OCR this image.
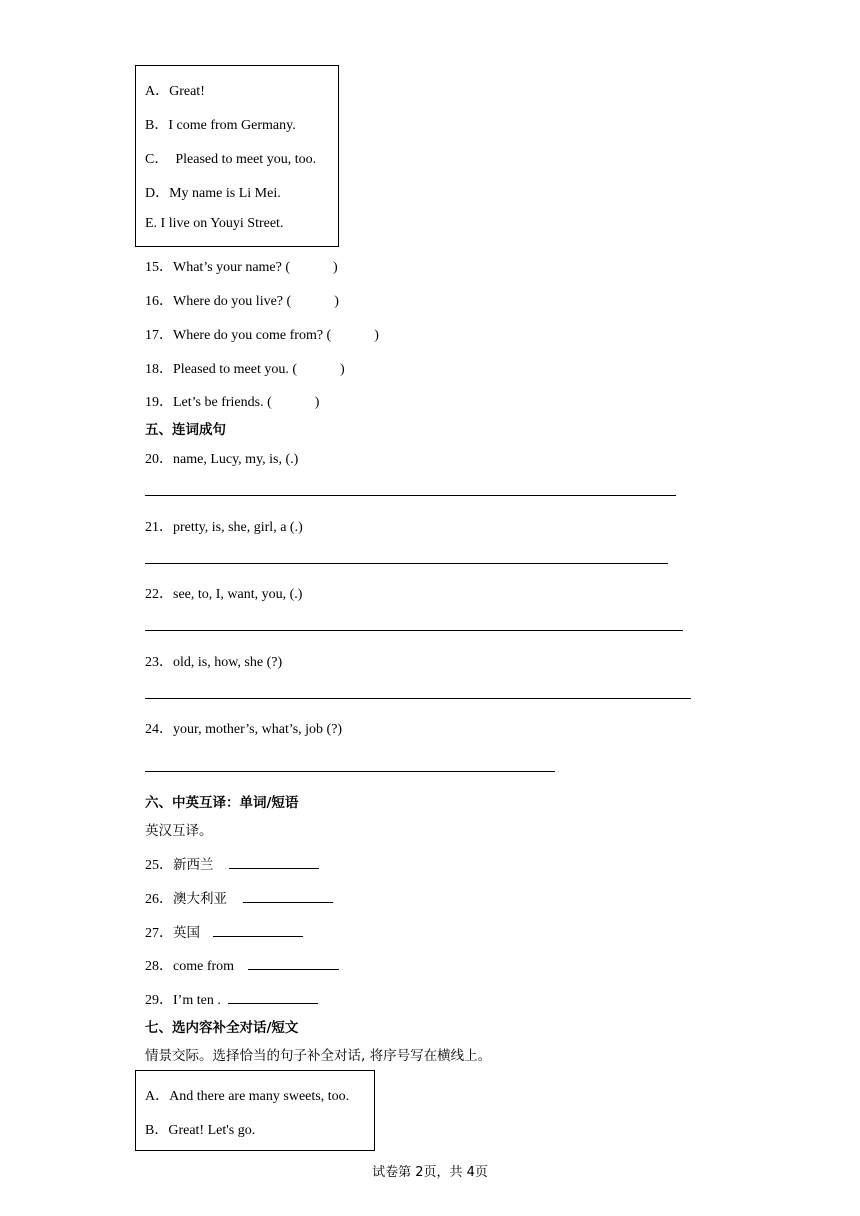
A．Great!
B．I come from Germany.
C．  Pleased to meet you, too.
D．My name is Li Mei.
E. I live on Youyi Street.
15．What’s your name? (	)
16．Where do you live? (	)
17．Where do you come from? (	)
18．Pleased to meet you. (	)
19．Let’s be friends. (	)
五、连词成句
20．name, Lucy, my, is, (.)
21．pretty, is, she, girl, a (.)
22．see, to, I, want, you, (.)
23．old, is, how, she (?)
24．your, mother’s, what’s, job (?)
六、中英互译：单词/短语
英汉互译。
25．新西兰
26．澳大利亚
27．英国
28．come from
29．I’m ten .
七、选内容补全对话/短文
情景交际。选择恰当的句子补全对话, 将序号写在横线上。
A．And there are many sweets, too.
B．Great! Let's go.
试卷第 2页，共 4页
